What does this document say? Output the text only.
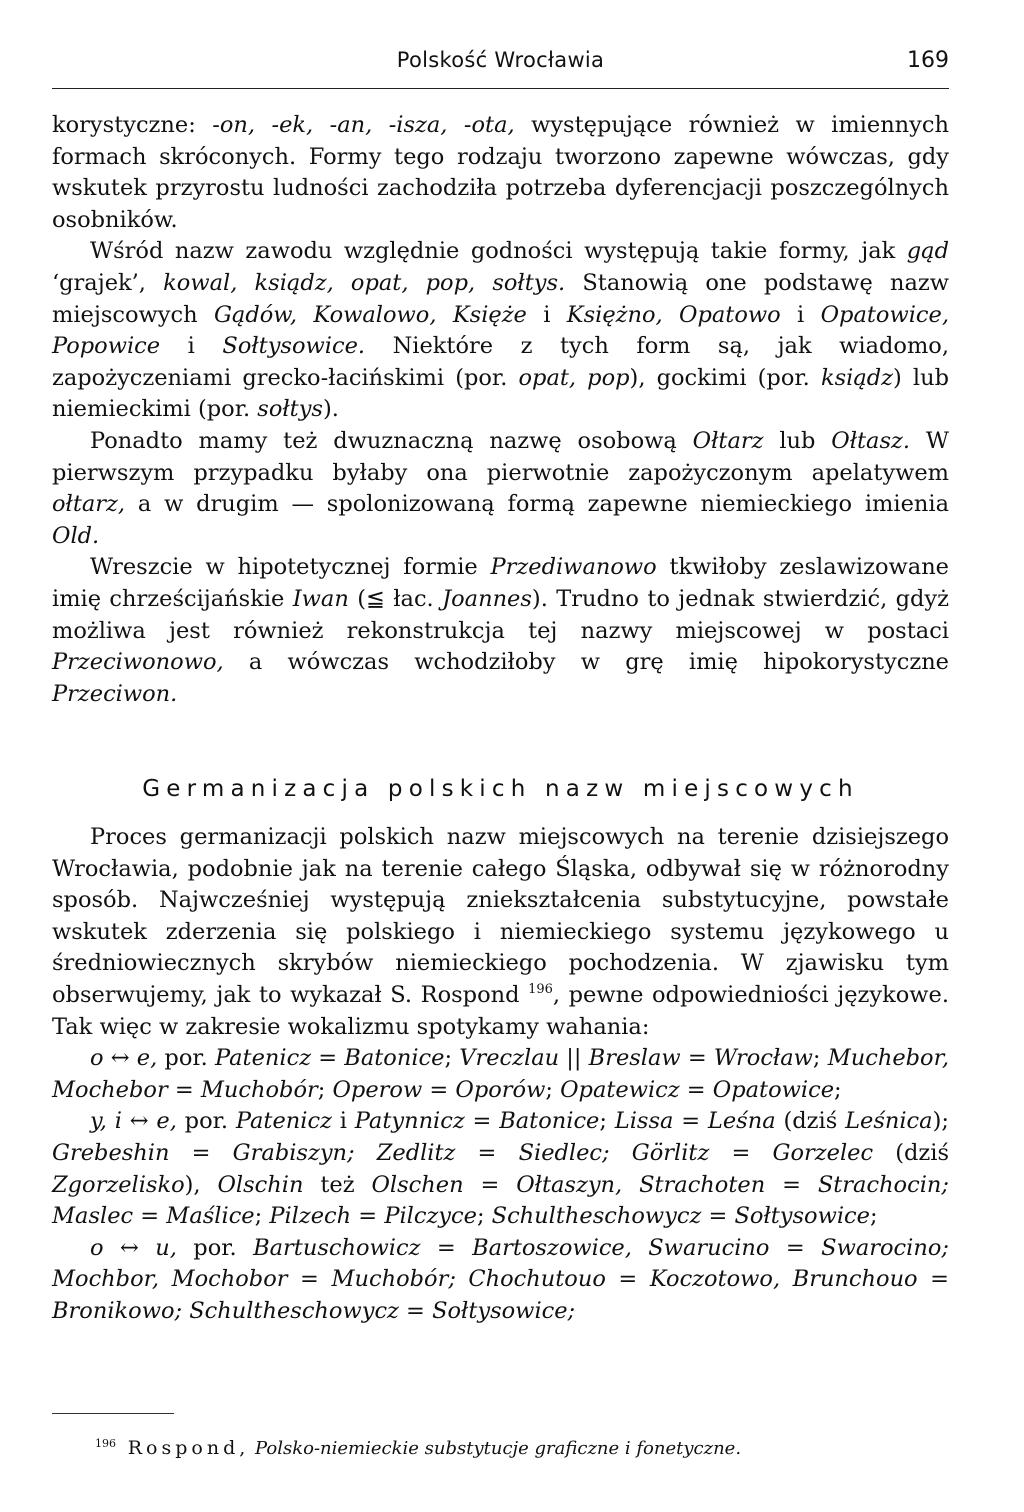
Polskość Wrocławia	169

korystyczne: -on, -ek, -an, -isza, -ota, występujące również w imiennych formach skróconych. Formy tego rodzaju tworzono zapewne wówczas, gdy wskutek przyrostu ludności zachodziła potrzeba dyferencjacji poszczególnych osobników.

Wśród nazw zawodu względnie godności występują takie formy, jak gąd ‘grajek’, kowal, ksiądz, opat, pop, sołtys. Stanowią one podstawę nazw miejscowych Gądów, Kowalowo, Księże i Księżno, Opatowo i Opatowice, Popowice i Sołtysowice. Niektóre z tych form są, jak wiadomo, zapożyczeniami grecko-łacińskimi (por. opat, pop), gockimi (por. ksiądz) lub niemieckimi (por. sołtys).

Ponadto mamy też dwuznaczną nazwę osobową Ołtarz lub Ołtasz. W pierwszym przypadku byłaby ona pierwotnie zapożyczonym apelatywem ołtarz, a w drugim — spolonizowaną formą zapewne niemieckiego imienia Old.

Wreszcie w hipotetycznej formie Przediwanowo tkwiłoby zeslawizowane imię chrześcijańskie Iwan (≦ łac. Joannes). Trudno to jednak stwierdzić, gdyż możliwa jest również rekonstrukcja tej nazwy miejscowej w postaci Przeciwonowo, a wówczas wchodziłoby w grę imię hipokorystyczne Przeciwon.

Germanizacja polskich nazw miejscowych

Proces germanizacji polskich nazw miejscowych na terenie dzisiejszego Wrocławia, podobnie jak na terenie całego Śląska, odbywał się w różnorodny sposób. Najwcześniej występują zniekształcenia substytucyjne, powstałe wskutek zderzenia się polskiego i niemieckiego systemu językowego u średniowiecznych skrybów niemieckiego pochodzenia. W zjawisku tym obserwujemy, jak to wykazał S. Rospond $^{196}$, pewne odpowiedniości językowe. Tak więc w zakresie wokalizmu spotykamy wahania:

o ↔ e, por. Patenicz = Batonice; Vreczlau || Breslaw = Wrocław; Muchebor, Mochebor = Muchobór; Operow = Oporów; Opatewicz = Opatowice;

y, i ↔ e, por. Patenicz i Patynnicz = Batonice; Lissa = Leśna (dziś Leśnica); Grebeshin = Grabiszyn; Zedlitz = Siedlec; Görlitz = Gorzelec (dziś Zgorzelisko), Olschin też Olschen = Ołtaszyn, Strachoten = Strachocin; Maslec = Maślice; Pilzech = Pilczyce; Schultheschowycz = Sołtysowice;

o ↔ u, por. Bartuschowicz = Bartoszowice, Swarucino = Swarocino; Mochbor, Mochobor = Muchobór; Chochutouo = Koczotowo, Brunchouo = Bronikowo; Schultheschowycz = Sołtysowice;

$^{196}$ Rospond, Polsko-niemieckie substytucje graficzne i fonetyczne.
